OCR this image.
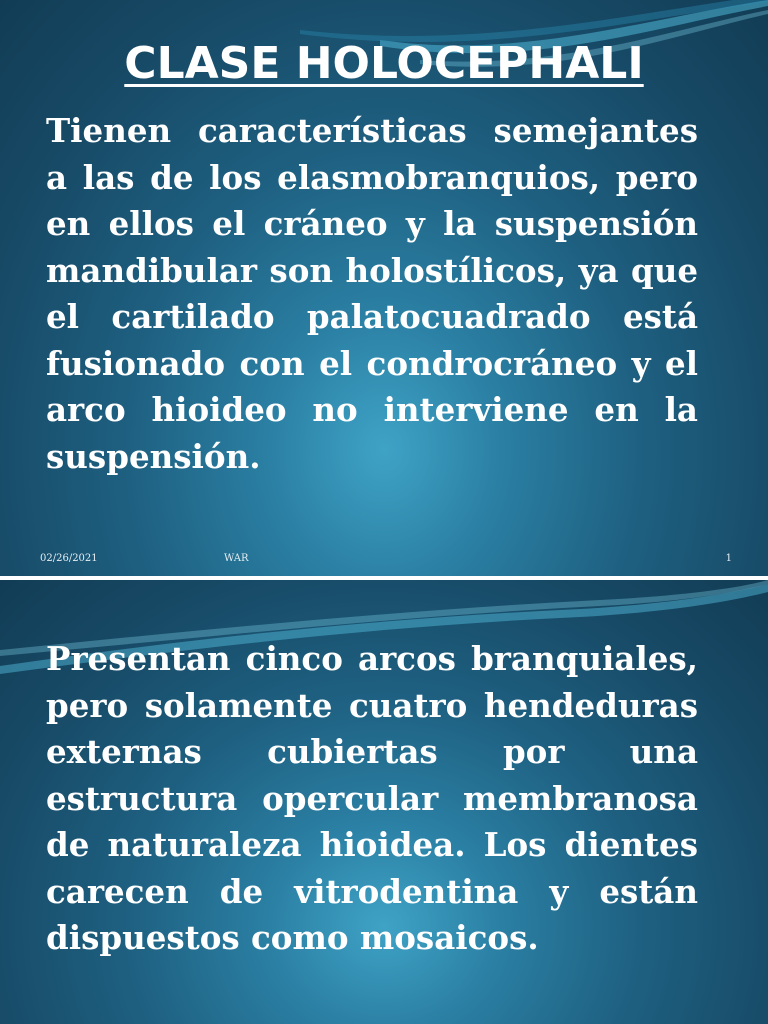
CLASE HOLOCEPHALI

Tienen características semejantes a las de los elasmobranquios, pero en ellos el cráneo y la suspensión mandibular son holostílicos, ya que el cartilado palatocuadrado está fusionado con el condrocráneo y el arco hioideo no interviene en la suspensión.

02/26/2021	WAR	1

Presentan cinco arcos branquiales, pero solamente cuatro hendeduras externas cubiertas por una estructura opercular membranosa de naturaleza hioidea. Los dientes carecen de vitrodentina y están dispuestos como mosaicos.
